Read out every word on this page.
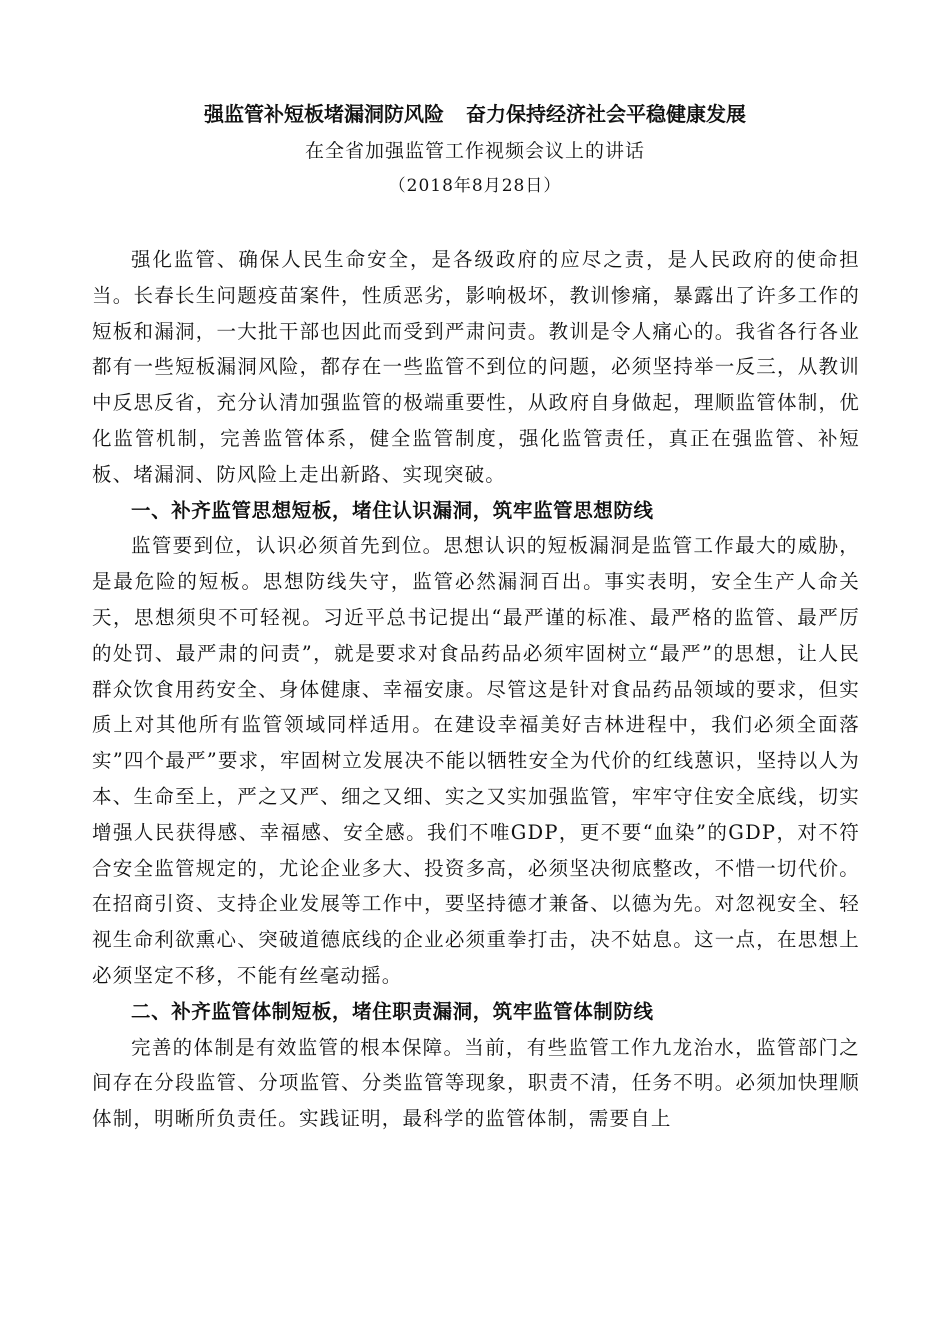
强监管补短板堵漏洞防风险 奋力保持经济社会平稳健康发展
在全省加强监管工作视频会议上的讲话
（2018年8月28日）

强化监管、确保人民生命安全，是各级政府的应尽之责，是人民政府的使命担当。长春长生问题疫苗案件，性质恶劣，影响极坏，教训惨痛，暴露出了许多工作的短板和漏洞，一大批干部也因此而受到严肃问责。教训是令人痛心的。我省各行各业都有一些短板漏洞风险，都存在一些监管不到位的问题，必须坚持举一反三，从教训中反思反省，充分认清加强监管的极端重要性，从政府自身做起，理顺监管体制，优化监管机制，完善监管体系，健全监管制度，强化监管责任，真正在强监管、补短板、堵漏洞、防风险上走出新路、实现突破。

一、补齐监管思想短板，堵住认识漏洞，筑牢监管思想防线

监管要到位，认识必须首先到位。思想认识的短板漏洞是监管工作最大的威胁，是最危险的短板。思想防线失守，监管必然漏洞百出。事实表明，安全生产人命关天，思想须臾不可轻视。习近平总书记提出“最严谨的标准、最严格的监管、最严厉的处罚、最严肃的问责”，就是要求对食品药品必须牢固树立“最严”的思想，让人民群众饮食用药安全、身体健康、幸福安康。尽管这是针对食品药品领域的要求，但实质上对其他所有监管领域同样适用。在建设幸福美好吉林进程中，我们必须全面落实”四个最严”要求，牢固树立发展决不能以牺牲安全为代价的红线蒽识，坚持以人为本、生命至上，严之又严、细之又细、实之又实加强监管，牢牢守住安全底线，切实增强人民获得感、幸福感、安全感。我们不唯GDP，更不要“血染”的GDP，对不符合安全监管规定的，尤论企业多大、投资多高，必须坚决彻底整改，不惜一切代价。在招商引资、支持企业发展等工作中，要坚持德才兼备、以德为先。对忽视安全、轻视生命利欲熏心、突破道德底线的企业必须重拳打击，决不姑息。这一点，在思想上必须坚定不移，不能有丝毫动摇。

二、补齐监管体制短板，堵住职责漏洞，筑牢监管体制防线

完善的体制是有效监管的根本保障。当前，有些监管工作九龙治水，监管部门之间存在分段监管、分项监管、分类监管等现象，职责不清，任务不明。必须加快理顺体制，明晰所负责任。实践证明，最科学的监管体制，需要自上
